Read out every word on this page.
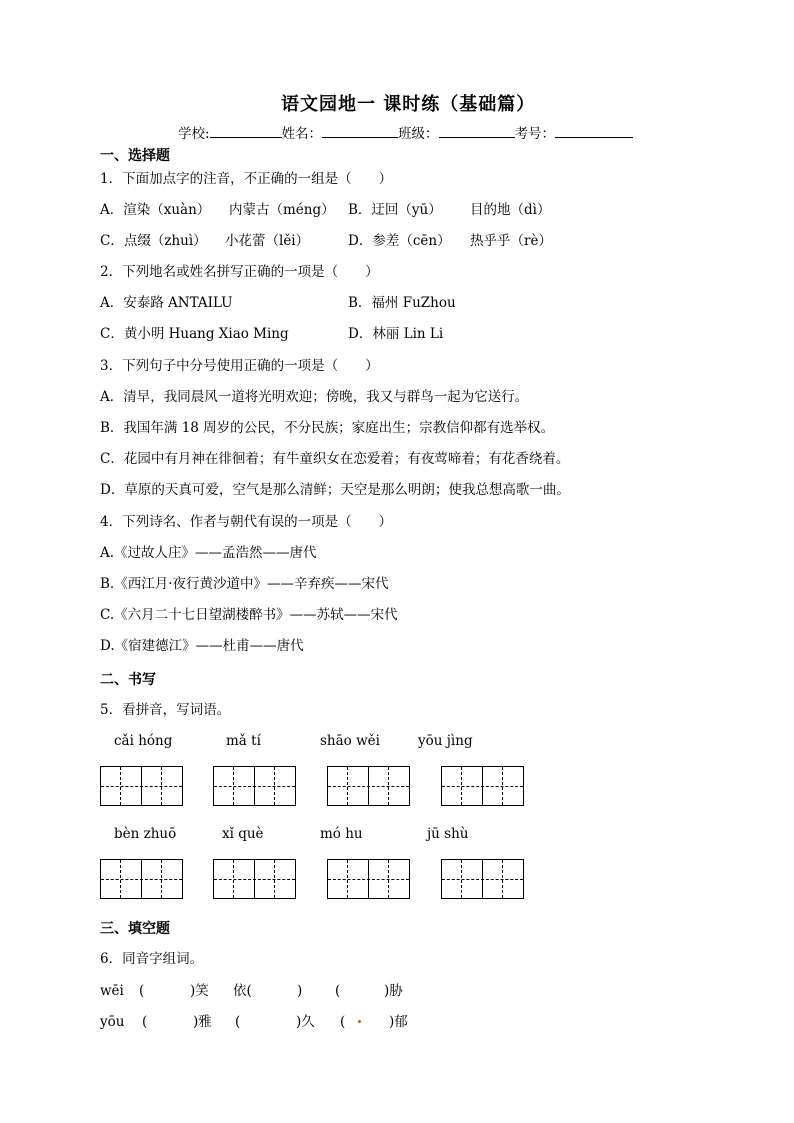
语文园地一 课时练（基础篇）
学校:	姓名：	班级：	考号：
一、选择题
1．下面加点字的注音，不正确的一组是（　　）
A．渲染（xuàn） 内蒙古（méng） B．迂回（yū） 目的地（dì）
C．点缀（zhuì） 小花蕾（lěi）	D．参差（cēn） 热乎乎（rè）
2．下列地名或姓名拼写正确的一项是（　　）
A．安泰路 ANTAILU	B．福州 FuZhou
C．黄小明 Huang Xiao Ming	D．林丽 Lin Li
3．下列句子中分号使用正确的一项是（　　）
A．清早，我同晨风一道将光明欢迎；傍晚，我又与群鸟一起为它送行。
B．我国年满 18 周岁的公民，不分民族；家庭出生；宗教信仰都有选举权。
C．花园中有月神在徘徊着；有牛童织女在恋爱着；有夜莺啼着；有花香绕着。
D．草原的天真可爱，空气是那么清鲜；天空是那么明朗；使我总想高歌一曲。
4．下列诗名、作者与朝代有误的一项是（　　）
A.《过故人庄》——孟浩然——唐代
B.《西江月·夜行黄沙道中》——辛弃疾——宋代
C.《六月二十七日望湖楼醉书》——苏轼——宋代
D.《宿建德江》——杜甫——唐代
二、书写
5．看拼音，写词语。
cǎi hóng	mǎ tí	shāo wěi	yōu jìng
bèn zhuō	xǐ què	mó hu	jū shù
三、填空题
6．同音字组词。
wēi (	)笑 依(	) (	)胁
yōu (	)雅 (	)久 (	)郁
